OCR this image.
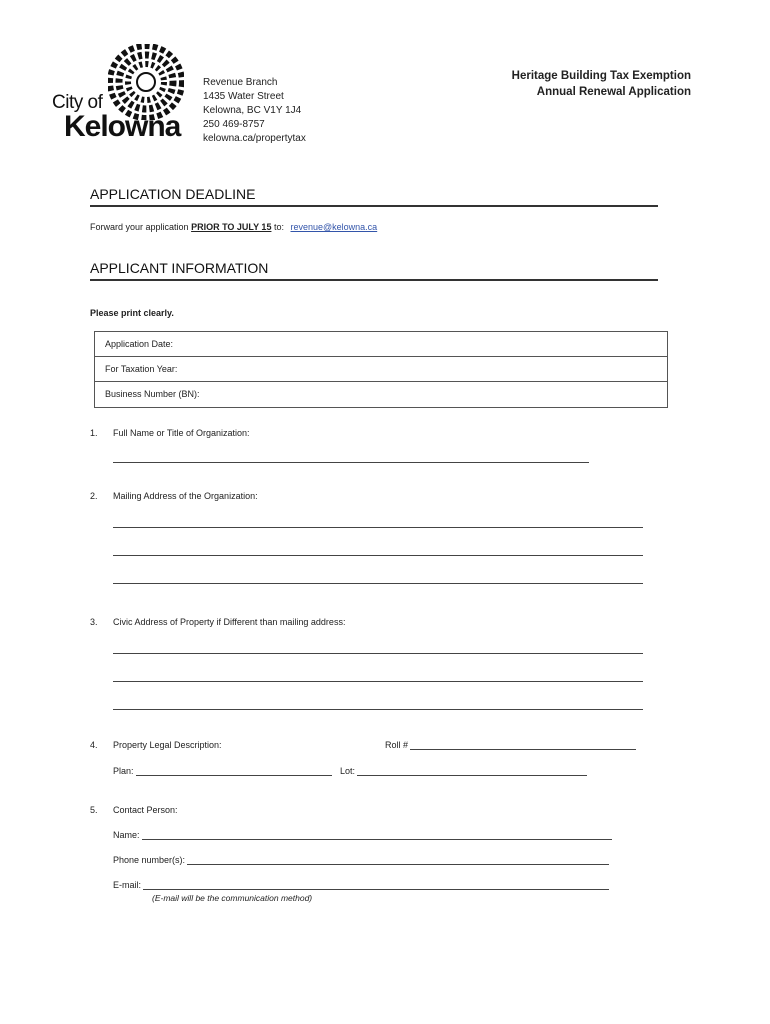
City of
Kelowna
Revenue Branch
1435 Water Street
Kelowna, BC V1Y 1J4
250 469-8757
kelowna.ca/propertytax
Heritage Building Tax Exemption
Annual Renewal Application
APPLICATION DEADLINE
Forward your application PRIOR TO JULY 15 to: revenue@kelowna.ca
APPLICANT INFORMATION
Please print clearly.
Application Date:
For Taxation Year:
Business Number (BN):
1. Full Name or Title of Organization:
2. Mailing Address of the Organization:
3. Civic Address of Property if Different than mailing address:
4. Property Legal Description:	Roll #
Plan:	Lot:
5. Contact Person:
Name:
Phone number(s):
E-mail:
(E-mail will be the communication method)
